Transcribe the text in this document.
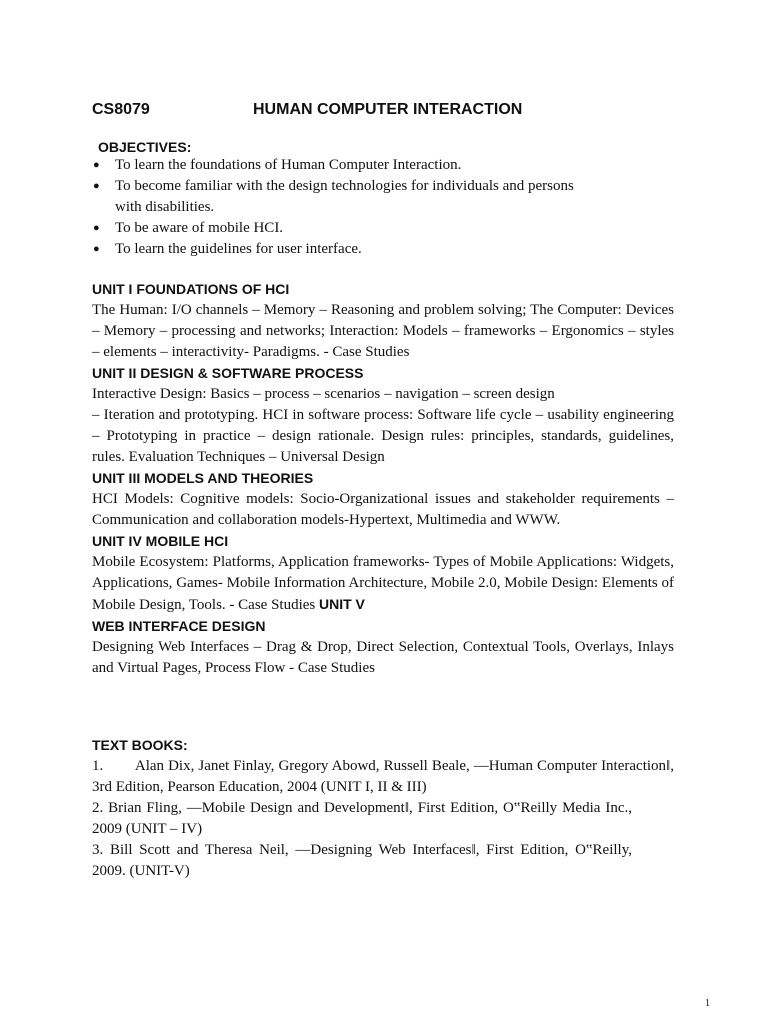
CS8079	HUMAN COMPUTER INTERACTION
OBJECTIVES:
● To learn the foundations of Human Computer Interaction.
● To become familiar with the design technologies for individuals and persons with disabilities.
● To be aware of mobile HCI.
● To learn the guidelines for user interface.
UNIT I FOUNDATIONS OF HCI

The Human: I/O channels – Memory – Reasoning and problem solving; The Computer: Devices – Memory – processing and networks; Interaction: Models – frameworks – Ergonomics – styles – elements – interactivity- Paradigms. - Case Studies

UNIT II DESIGN & SOFTWARE PROCESS

Interactive Design: Basics – process – scenarios – navigation – screen design

– Iteration and prototyping. HCI in software process: Software life cycle – usability engineering – Prototyping in practice – design rationale. Design rules: principles, standards, guidelines, rules. Evaluation Techniques – Universal Design

UNIT III MODELS AND THEORIES

HCI Models: Cognitive models: Socio-Organizational issues and stakeholder requirements –Communication and collaboration models-Hypertext, Multimedia and WWW.

UNIT IV MOBILE HCI

Mobile Ecosystem: Platforms, Application frameworks- Types of Mobile Applications: Widgets, Applications, Games- Mobile Information Architecture, Mobile 2.0, Mobile Design: Elements of Mobile Design, Tools. - Case Studies UNIT V

WEB INTERFACE DESIGN

Designing Web Interfaces – Drag & Drop, Direct Selection, Contextual Tools, Overlays, Inlays and Virtual Pages, Process Flow - Case Studies

TEXT BOOKS:

1.        Alan Dix, Janet Finlay, Gregory Abowd, Russell Beale, ―Human Computer Interaction‖, 3rd Edition, Pearson Education, 2004 (UNIT I, II & III)

2. Brian Fling, ―Mobile Design and Development‖, First Edition, O‟Reilly Media Inc., 2009 (UNIT – IV)

3. Bill Scott and Theresa Neil, ―Designing Web Interfaces‖, First Edition, O‟Reilly, 2009. (UNIT-V)

1
